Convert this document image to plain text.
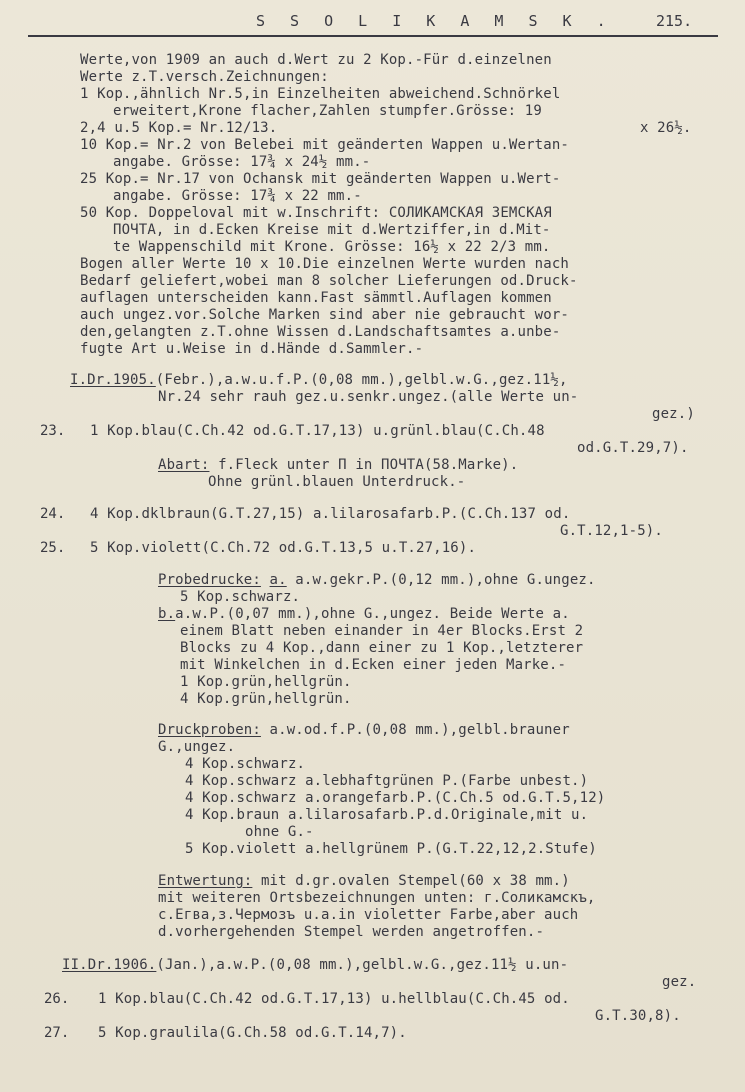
S S O L I K A M S K .	215.
Werte,von 1909 an auch d.Wert zu 2 Kop.-Für d.einzelnen
Werte z.T.versch.Zeichnungen:
1 Kop.,ähnlich Nr.5,in Einzelheiten abweichend.Schnörkel
erweitert,Krone flacher,Zahlen stumpfer.Grösse: 19
2,4 u.5 Kop.= Nr.12/13.	x 26½.
10 Kop.= Nr.2 von Belebei mit geänderten Wappen u.Wertan-
angabe. Grösse: 17¾ x 24½ mm.-
25 Kop.= Nr.17 von Ochansk mit geänderten Wappen u.Wert-
angabe. Grösse: 17¾ x 22 mm.-
50 Kop. Doppeloval mit w.Inschrift: СОЛИКАМСКАЯ ЗЕМСКАЯ
ПОЧТА, in d.Ecken Kreise mit d.Wertziffer,in d.Mit-
te Wappenschild mit Krone. Grösse: 16½ x 22 2/3 mm.
Bogen aller Werte 10 x 10.Die einzelnen Werte wurden nach
Bedarf geliefert,wobei man 8 solcher Lieferungen od.Druck-
auflagen unterscheiden kann.Fast sämmtl.Auflagen kommen
auch ungez.vor.Solche Marken sind aber nie gebraucht wor-
den,gelangten z.T.ohne Wissen d.Landschaftsamtes a.unbe-
fugte Art u.Weise in d.Hände d.Sammler.-
I.Dr.1905.(Febr.),a.w.u.f.P.(0,08 mm.),gelbl.w.G.,gez.11½,
Nr.24 sehr rauh gez.u.senkr.ungez.(alle Werte un-
gez.)
23. 1 Kop.blau(C.Ch.42 od.G.T.17,13) u.grünl.blau(C.Ch.48
od.G.T.29,7).
Abart: f.Fleck unter П in ПОЧТА(58.Marke).
Ohne grünl.blauen Unterdruck.-
24. 4 Kop.dklbraun(G.T.27,15) a.lilarosafarb.P.(C.Ch.137 od.
G.T.12,1-5).
25. 5 Kop.violett(C.Ch.72 od.G.T.13,5 u.T.27,16).
Probedrucke: a. a.w.gekr.P.(0,12 mm.),ohne G.ungez.
5 Kop.schwarz.
b.a.w.P.(0,07 mm.),ohne G.,ungez. Beide Werte a.
einem Blatt neben einander in 4er Blocks.Erst 2
Blocks zu 4 Kop.,dann einer zu 1 Kop.,letzterer
mit Winkelchen in d.Ecken einer jeden Marke.-
1 Kop.grün,hellgrün.
4 Kop.grün,hellgrün.
Druckproben: a.w.od.f.P.(0,08 mm.),gelbl.brauner
G.,ungez.
4 Kop.schwarz.
4 Kop.schwarz a.lebhaftgrünen P.(Farbe unbest.)
4 Kop.schwarz a.orangefarb.P.(C.Ch.5 od.G.T.5,12)
4 Kop.braun a.lilarosafarb.P.d.Originale,mit u.
ohne G.-
5 Kop.violett a.hellgrünem P.(G.T.22,12,2.Stufe)
Entwertung: mit d.gr.ovalen Stempel(60 x 38 mm.)
mit weiteren Ortsbezeichnungen unten: г.Соликамскъ,
с.Егва,з.Чермозъ u.a.in violetter Farbe,aber auch
d.vorhergehenden Stempel werden angetroffen.-
II.Dr.1906.(Jan.),a.w.P.(0,08 mm.),gelbl.w.G.,gez.11½ u.un-
gez.
26. 1 Kop.blau(C.Ch.42 od.G.T.17,13) u.hellblau(C.Ch.45 od.
G.T.30,8).
27. 5 Kop.graulila(G.Ch.58 od.G.T.14,7).
